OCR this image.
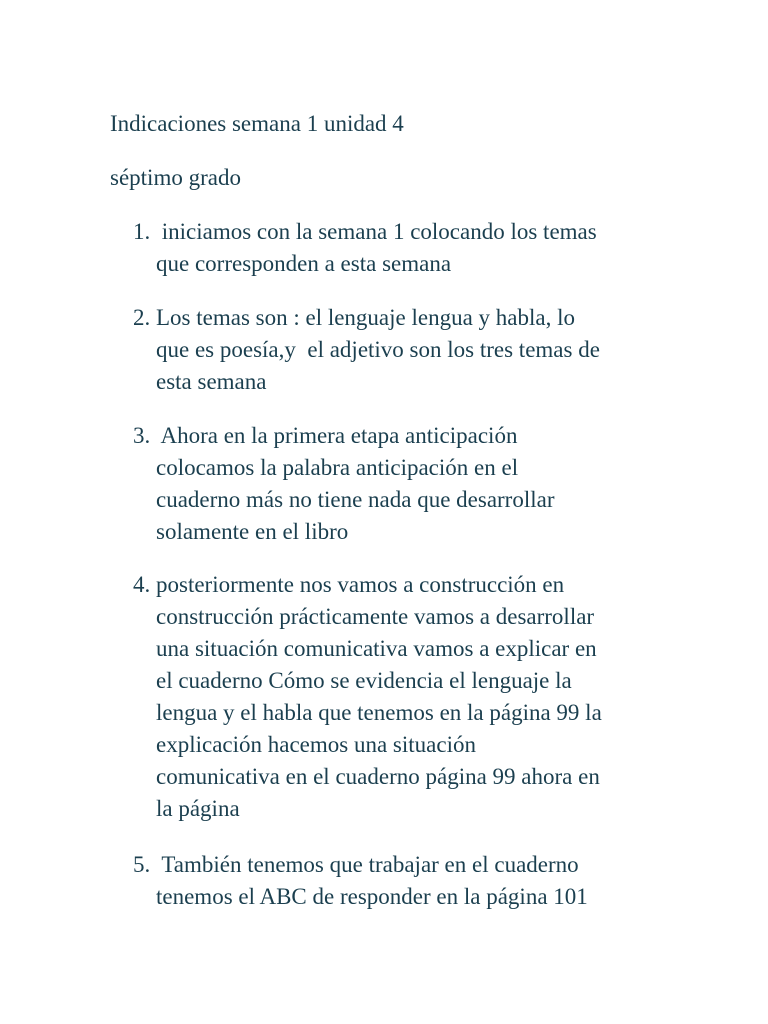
Indicaciones semana 1 unidad 4

séptimo grado

1. iniciamos con la semana 1 colocando los temas
que corresponden a esta semana
2. Los temas son : el lenguaje lengua y habla, lo
que es poesía,y  el adjetivo son los tres temas de
esta semana
3. Ahora en la primera etapa anticipación
colocamos la palabra anticipación en el
cuaderno más no tiene nada que desarrollar
solamente en el libro
4. posteriormente nos vamos a construcción en
construcción prácticamente vamos a desarrollar
una situación comunicativa vamos a explicar en
el cuaderno Cómo se evidencia el lenguaje la
lengua y el habla que tenemos en la página 99 la
explicación hacemos una situación
comunicativa en el cuaderno página 99 ahora en
la página
5. También tenemos que trabajar en el cuaderno
tenemos el ABC de responder en la página 101
